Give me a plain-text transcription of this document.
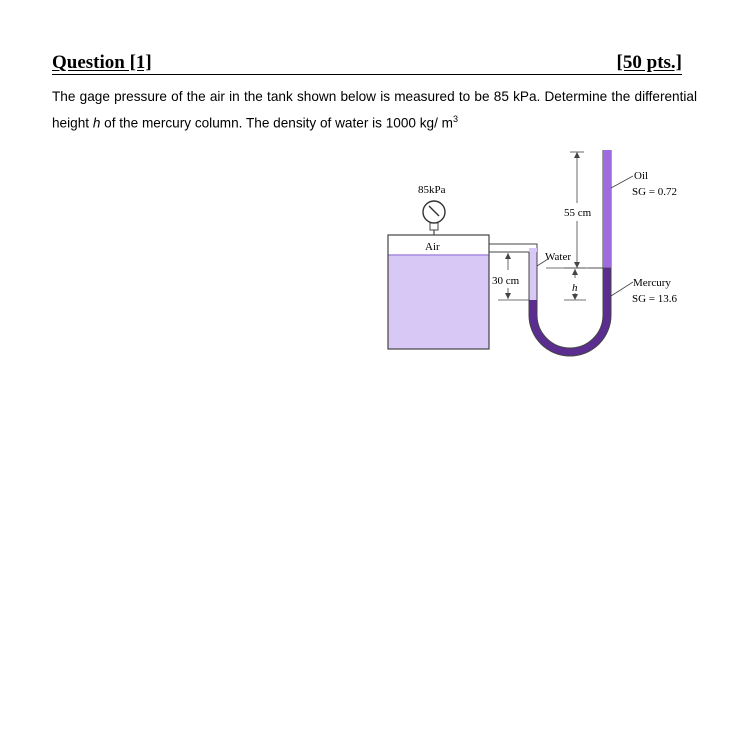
Question [1]	[50 pts.]
The gage pressure of the air in the tank shown below is measured to be 85 kPa. Determine the differential height h of the mercury column. The density of water is 1000 kg/ $m^3$
55 cm
30 cm
h
85kPa
Air
Water
Oil
SG = 0.72
Mercury
SG = 13.6
